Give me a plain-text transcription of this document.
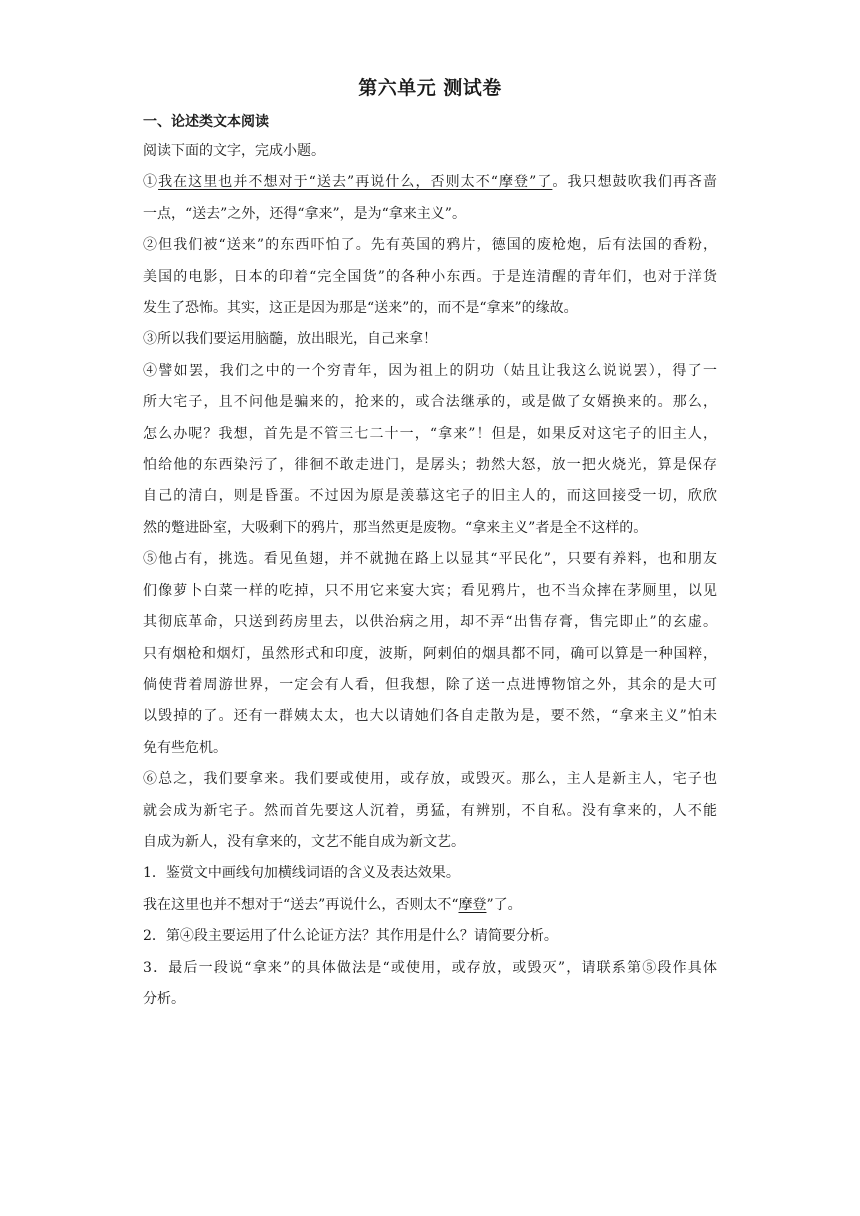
第六单元 测试卷
一、论述类文本阅读
阅读下面的文字，完成小题。
①我在这里也并不想对于“送去”再说什么，否则太不“摩登”了。我只想鼓吹我们再吝啬
一点，“送去”之外，还得“拿来”，是为“拿来主义”。
②但我们被“送来”的东西吓怕了。先有英国的鸦片，德国的废枪炮，后有法国的香粉，
美国的电影，日本的印着“完全国货”的各种小东西。于是连清醒的青年们，也对于洋货
发生了恐怖。其实，这正是因为那是“送来”的，而不是“拿来”的缘故。
③所以我们要运用脑髓，放出眼光，自己来拿！
④譬如罢，我们之中的一个穷青年，因为祖上的阴功（姑且让我这么说说罢），得了一
所大宅子，且不问他是骗来的，抢来的，或合法继承的，或是做了女婿换来的。那么，
怎么办呢？我想，首先是不管三七二十一，“拿来”！但是，如果反对这宅子的旧主人，
怕给他的东西染污了，徘徊不敢走进门，是孱头；勃然大怒，放一把火烧光，算是保存
自己的清白，则是昏蛋。不过因为原是羡慕这宅子的旧主人的，而这回接受一切，欣欣
然的蹩进卧室，大吸剩下的鸦片，那当然更是废物。“拿来主义”者是全不这样的。
⑤他占有，挑选。看见鱼翅，并不就抛在路上以显其“平民化”，只要有养料，也和朋友
们像萝卜白菜一样的吃掉，只不用它来宴大宾；看见鸦片，也不当众摔在茅厕里，以见
其彻底革命，只送到药房里去，以供治病之用，却不弄“出售存膏，售完即止”的玄虚。
只有烟枪和烟灯，虽然形式和印度，波斯，阿剌伯的烟具都不同，确可以算是一种国粹，
倘使背着周游世界，一定会有人看，但我想，除了送一点进博物馆之外，其余的是大可
以毁掉的了。还有一群姨太太，也大以请她们各自走散为是，要不然，“拿来主义”怕未
免有些危机。
⑥总之，我们要拿来。我们要或使用，或存放，或毁灭。那么，主人是新主人，宅子也
就会成为新宅子。然而首先要这人沉着，勇猛，有辨别，不自私。没有拿来的，人不能
自成为新人，没有拿来的，文艺不能自成为新文艺。
1．鉴赏文中画线句加横线词语的含义及表达效果。
我在这里也并不想对于“送去”再说什么，否则太不“摩登”了。
2．第④段主要运用了什么论证方法？其作用是什么？请简要分析。
3．最后一段说“拿来”的具体做法是“或使用，或存放，或毁灭”，请联系第⑤段作具体
分析。
